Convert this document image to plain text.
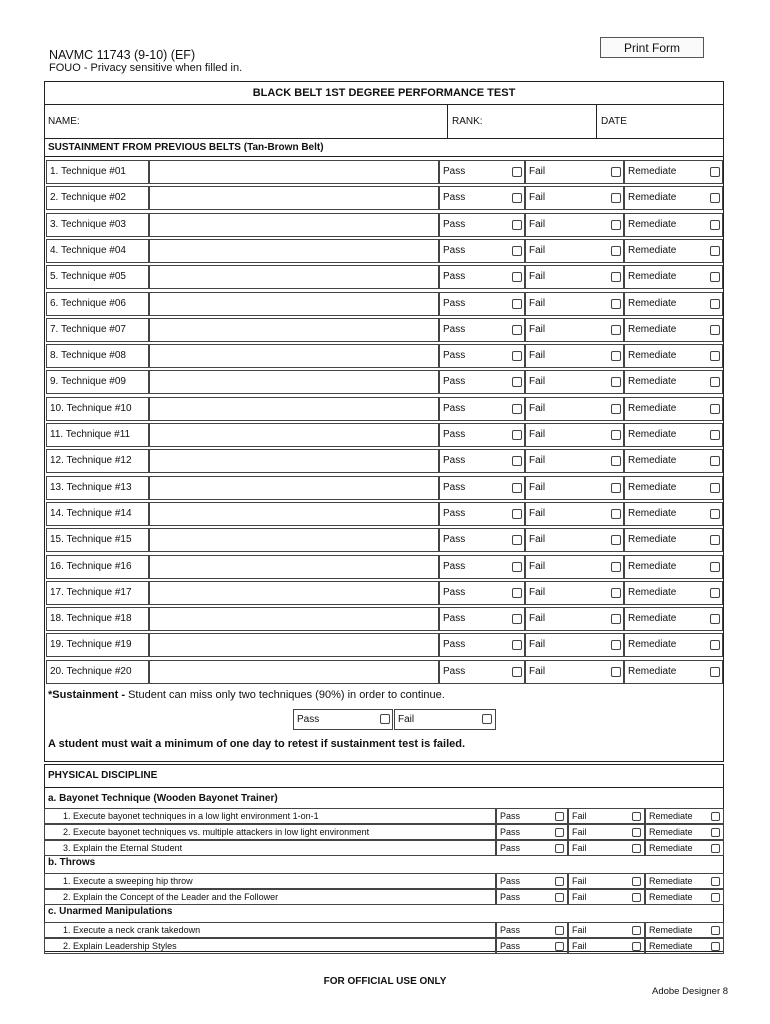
NAVMC 11743 (9-10) (EF)
FOUO - Privacy sensitive when filled in.
Print Form
BLACK BELT 1ST DEGREE PERFORMANCE TEST
NAME:	RANK:	DATE
SUSTAINMENT FROM PREVIOUS BELTS (Tan-Brown Belt)
1. Technique #01	Pass	Fail	Remediate
2. Technique #02	Pass	Fail	Remediate
3. Technique #03	Pass	Fail	Remediate
4. Technique #04	Pass	Fail	Remediate
5. Technique #05	Pass	Fail	Remediate
6. Technique #06	Pass	Fail	Remediate
7. Technique #07	Pass	Fail	Remediate
8. Technique #08	Pass	Fail	Remediate
9. Technique #09	Pass	Fail	Remediate
10. Technique #10	Pass	Fail	Remediate
11. Technique #11	Pass	Fail	Remediate
12. Technique #12	Pass	Fail	Remediate
13. Technique #13	Pass	Fail	Remediate
14. Technique #14	Pass	Fail	Remediate
15. Technique #15	Pass	Fail	Remediate
16. Technique #16	Pass	Fail	Remediate
17. Technique #17	Pass	Fail	Remediate
18. Technique #18	Pass	Fail	Remediate
19. Technique #19	Pass	Fail	Remediate
20. Technique #20	Pass	Fail	Remediate
*Sustainment - Student can miss only two techniques (90%) in order to continue.
Pass	Fail
A student must wait a minimum of one day to retest if sustainment test is failed.
PHYSICAL DISCIPLINE
a. Bayonet Technique (Wooden Bayonet Trainer)
b. Throws
c. Unarmed Manipulations
1. Execute bayonet techniques in a low light environment 1-on-1	Pass	Fail	Remediate
2. Execute bayonet techniques vs. multiple attackers in low light environment	Pass	Fail	Remediate
3. Explain the Eternal Student	Pass	Fail	Remediate
1. Execute a sweeping hip throw	Pass	Fail	Remediate
2. Explain the Concept of the Leader and the Follower	Pass	Fail	Remediate
1. Execute a neck crank takedown	Pass	Fail	Remediate
2. Explain Leadership Styles	Pass	Fail	Remediate
FOR OFFICIAL USE ONLY
Adobe Designer 8
